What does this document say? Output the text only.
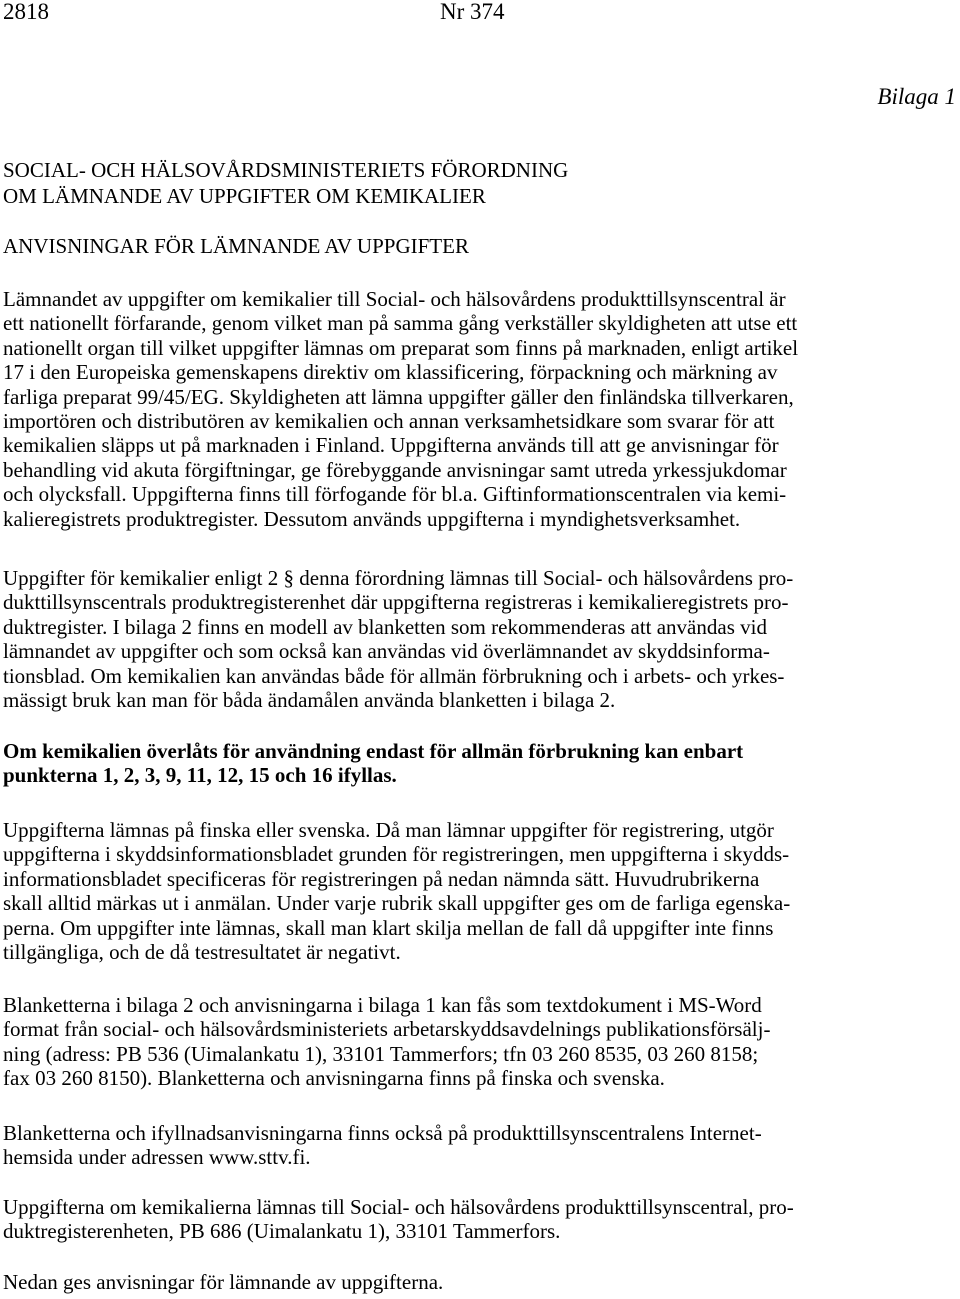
2818	Nr 374
Bilaga 1
SOCIAL- OCH HÄLSOVÅRDSMINISTERIETS FÖRORDNING
OM LÄMNANDE AV UPPGIFTER OM KEMIKALIER
ANVISNINGAR FÖR LÄMNANDE AV UPPGIFTER
Lämnandet av uppgifter om kemikalier till Social- och hälsovårdens produkttillsynscentral är
ett nationellt förfarande, genom vilket man på samma gång verkställer skyldigheten att utse ett
nationellt organ till vilket uppgifter lämnas om preparat som finns på marknaden, enligt artikel
17 i den Europeiska gemenskapens direktiv om klassificering, förpackning och märkning av
farliga preparat 99/45/EG. Skyldigheten att lämna uppgifter gäller den finländska tillverkaren,
importören och distributören av kemikalien och annan verksamhetsidkare som svarar för att
kemikalien släpps ut på marknaden i Finland. Uppgifterna används till att ge anvisningar för
behandling vid akuta förgiftningar, ge förebyggande anvisningar samt utreda yrkessjukdomar
och olycksfall. Uppgifterna finns till förfogande för bl.a. Giftinformationscentralen via kemi-
kalieregistrets produktregister. Dessutom används uppgifterna i myndighetsverksamhet.
Uppgifter för kemikalier enligt 2 § denna förordning lämnas till Social- och hälsovårdens pro-
dukttillsynscentrals produktregisterenhet där uppgifterna registreras i kemikalieregistrets pro-
duktregister. I bilaga 2 finns en modell av blanketten som rekommenderas att användas vid
lämnandet av uppgifter och som också kan användas vid överlämnandet av skyddsinforma-
tionsblad. Om kemikalien kan användas både för allmän förbrukning och i arbets- och yrkes-
mässigt bruk kan man för båda ändamålen använda blanketten i bilaga 2.
Om kemikalien överlåts för användning endast för allmän förbrukning kan enbart
punkterna 1, 2, 3, 9, 11, 12, 15 och 16 ifyllas.
Uppgifterna lämnas på finska eller svenska. Då man lämnar uppgifter för registrering, utgör
uppgifterna i skyddsinformationsbladet grunden för registreringen, men uppgifterna i skydds-
informationsbladet specificeras för registreringen på nedan nämnda sätt. Huvudrubrikerna
skall alltid märkas ut i anmälan. Under varje rubrik skall uppgifter ges om de farliga egenska-
perna. Om uppgifter inte lämnas, skall man klart skilja mellan de fall då uppgifter inte finns
tillgängliga, och de då testresultatet är negativt.
Blanketterna i bilaga 2 och anvisningarna i bilaga 1 kan fås som textdokument i MS-Word
format från social- och hälsovårdsministeriets arbetarskyddsavdelnings publikationsförsälj-
ning (adress: PB 536 (Uimalankatu 1), 33101 Tammerfors; tfn 03 260 8535, 03 260 8158;
fax 03 260 8150). Blanketterna och anvisningarna finns på finska och svenska.
Blanketterna och ifyllnadsanvisningarna finns också på produkttillsynscentralens Internet-
hemsida under adressen www.sttv.fi.
Uppgifterna om kemikalierna lämnas till Social- och hälsovårdens produkttillsynscentral, pro-
duktregisterenheten, PB 686 (Uimalankatu 1), 33101 Tammerfors.
Nedan ges anvisningar för lämnande av uppgifterna.
